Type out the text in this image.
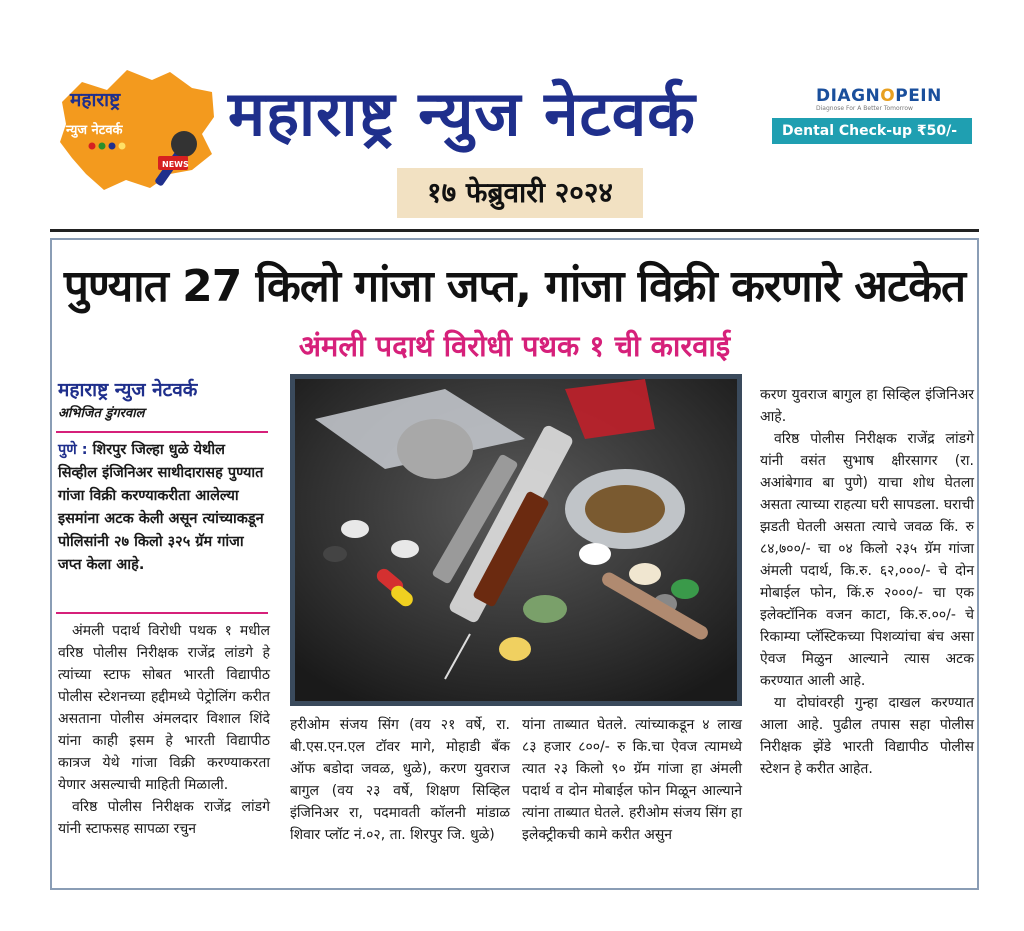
महाराष्ट्र
न्युज नेटवर्क
NEWS
महाराष्ट्र न्युज नेटवर्क	DIAGNOPEIN
Diagnose For A Better Tomorrow
Dental Check-up ₹50/-
१७ फेब्रुवारी २०२४
पुण्यात 27 किलो गांजा जप्त, गांजा विक्री करणारे अटकेत
अंमली पदार्थ विरोधी पथक १ ची कारवाई
महाराष्ट्र न्युज नेटवर्क
अभिजित डुंगरवाल
पुणे : शिरपुर जिल्हा धुळे येथील सिव्हील इंजिनिअर साथीदारासह पुण्यात गांजा विक्री करण्याकरीता आलेल्या इसमांना अटक केली असून त्यांच्याकडून पोलिसांनी २७ किलो ३२५ ग्रॅम गांजा जप्त केला आहे.

अंमली पदार्थ विरोधी पथक १ मधील वरिष्ठ पोलीस निरीक्षक राजेंद्र लांडगे हे त्यांच्या स्टाफ सोबत भारती विद्यापीठ पोलीस स्टेशनच्या हद्दीमध्ये पेट्रोलिंग करीत असताना पोलीस अंमलदार विशाल शिंदे यांना काही इसम हे भारती विद्यापीठ कात्रज येथे गांजा विक्री करण्याकरता येणार असल्याची माहिती मिळाली.

वरिष्ठ पोलीस निरीक्षक राजेंद्र लांडगे यांनी स्टाफसह सापळा रचुन

हरीओम संजय सिंग (वय २१ वर्षे, रा. बी.एस.एन.एल टॉवर मागे, मोहाडी बँक ऑफ बडोदा जवळ, धुळे), करण युवराज बागुल (वय २३ वर्षे, शिक्षण सिव्हिल इंजिनिअर रा, पदमावती कॉलनी मांडाळ शिवार प्लॉट नं.०२, ता. शिरपुर जि. धुळे)

यांना ताब्यात घेतले. त्यांच्याकडून ४ लाख ८३ हजार ८००/- रु कि.चा ऐवज त्यामध्ये त्यात २३ किलो ९० ग्रॅम गांजा हा अंमली पदार्थ व दोन मोबाईल फोन मिळून आल्याने त्यांना ताब्यात घेतले. हरीओम संजय सिंग हा इलेक्ट्रीकची कामे करीत असुन

करण युवराज बागुल हा सिव्हिल इंजिनिअर आहे.

वरिष्ठ पोलीस निरीक्षक राजेंद्र लांडगे यांनी वसंत सुभाष क्षीरसागर (रा. अआंबेगाव बा पुणे) याचा शोध घेतला असता त्याच्या राहत्या घरी सापडला. घराची झडती घेतली असता त्याचे जवळ किं. रु ८४,७००/- चा ०४ किलो २३५ ग्रॅम गांजा अंमली पदार्थ, कि.रु. ६२,०००/- चे दोन मोबाईल फोन, किं.रु २०००/- चा एक इलेक्टॉनिक वजन काटा, कि.रु.००/- चे रिकाम्या प्लॅस्टिकच्या पिशव्यांचा बंच असा ऐवज मिळुन आल्याने त्यास अटक करण्यात आली आहे.

या दोघांवरही गुन्हा दाखल करण्यात आला आहे. पुढील तपास सहा पोलीस निरीक्षक झेंडे भारती विद्यापीठ पोलीस स्टेशन हे करीत आहेत.
